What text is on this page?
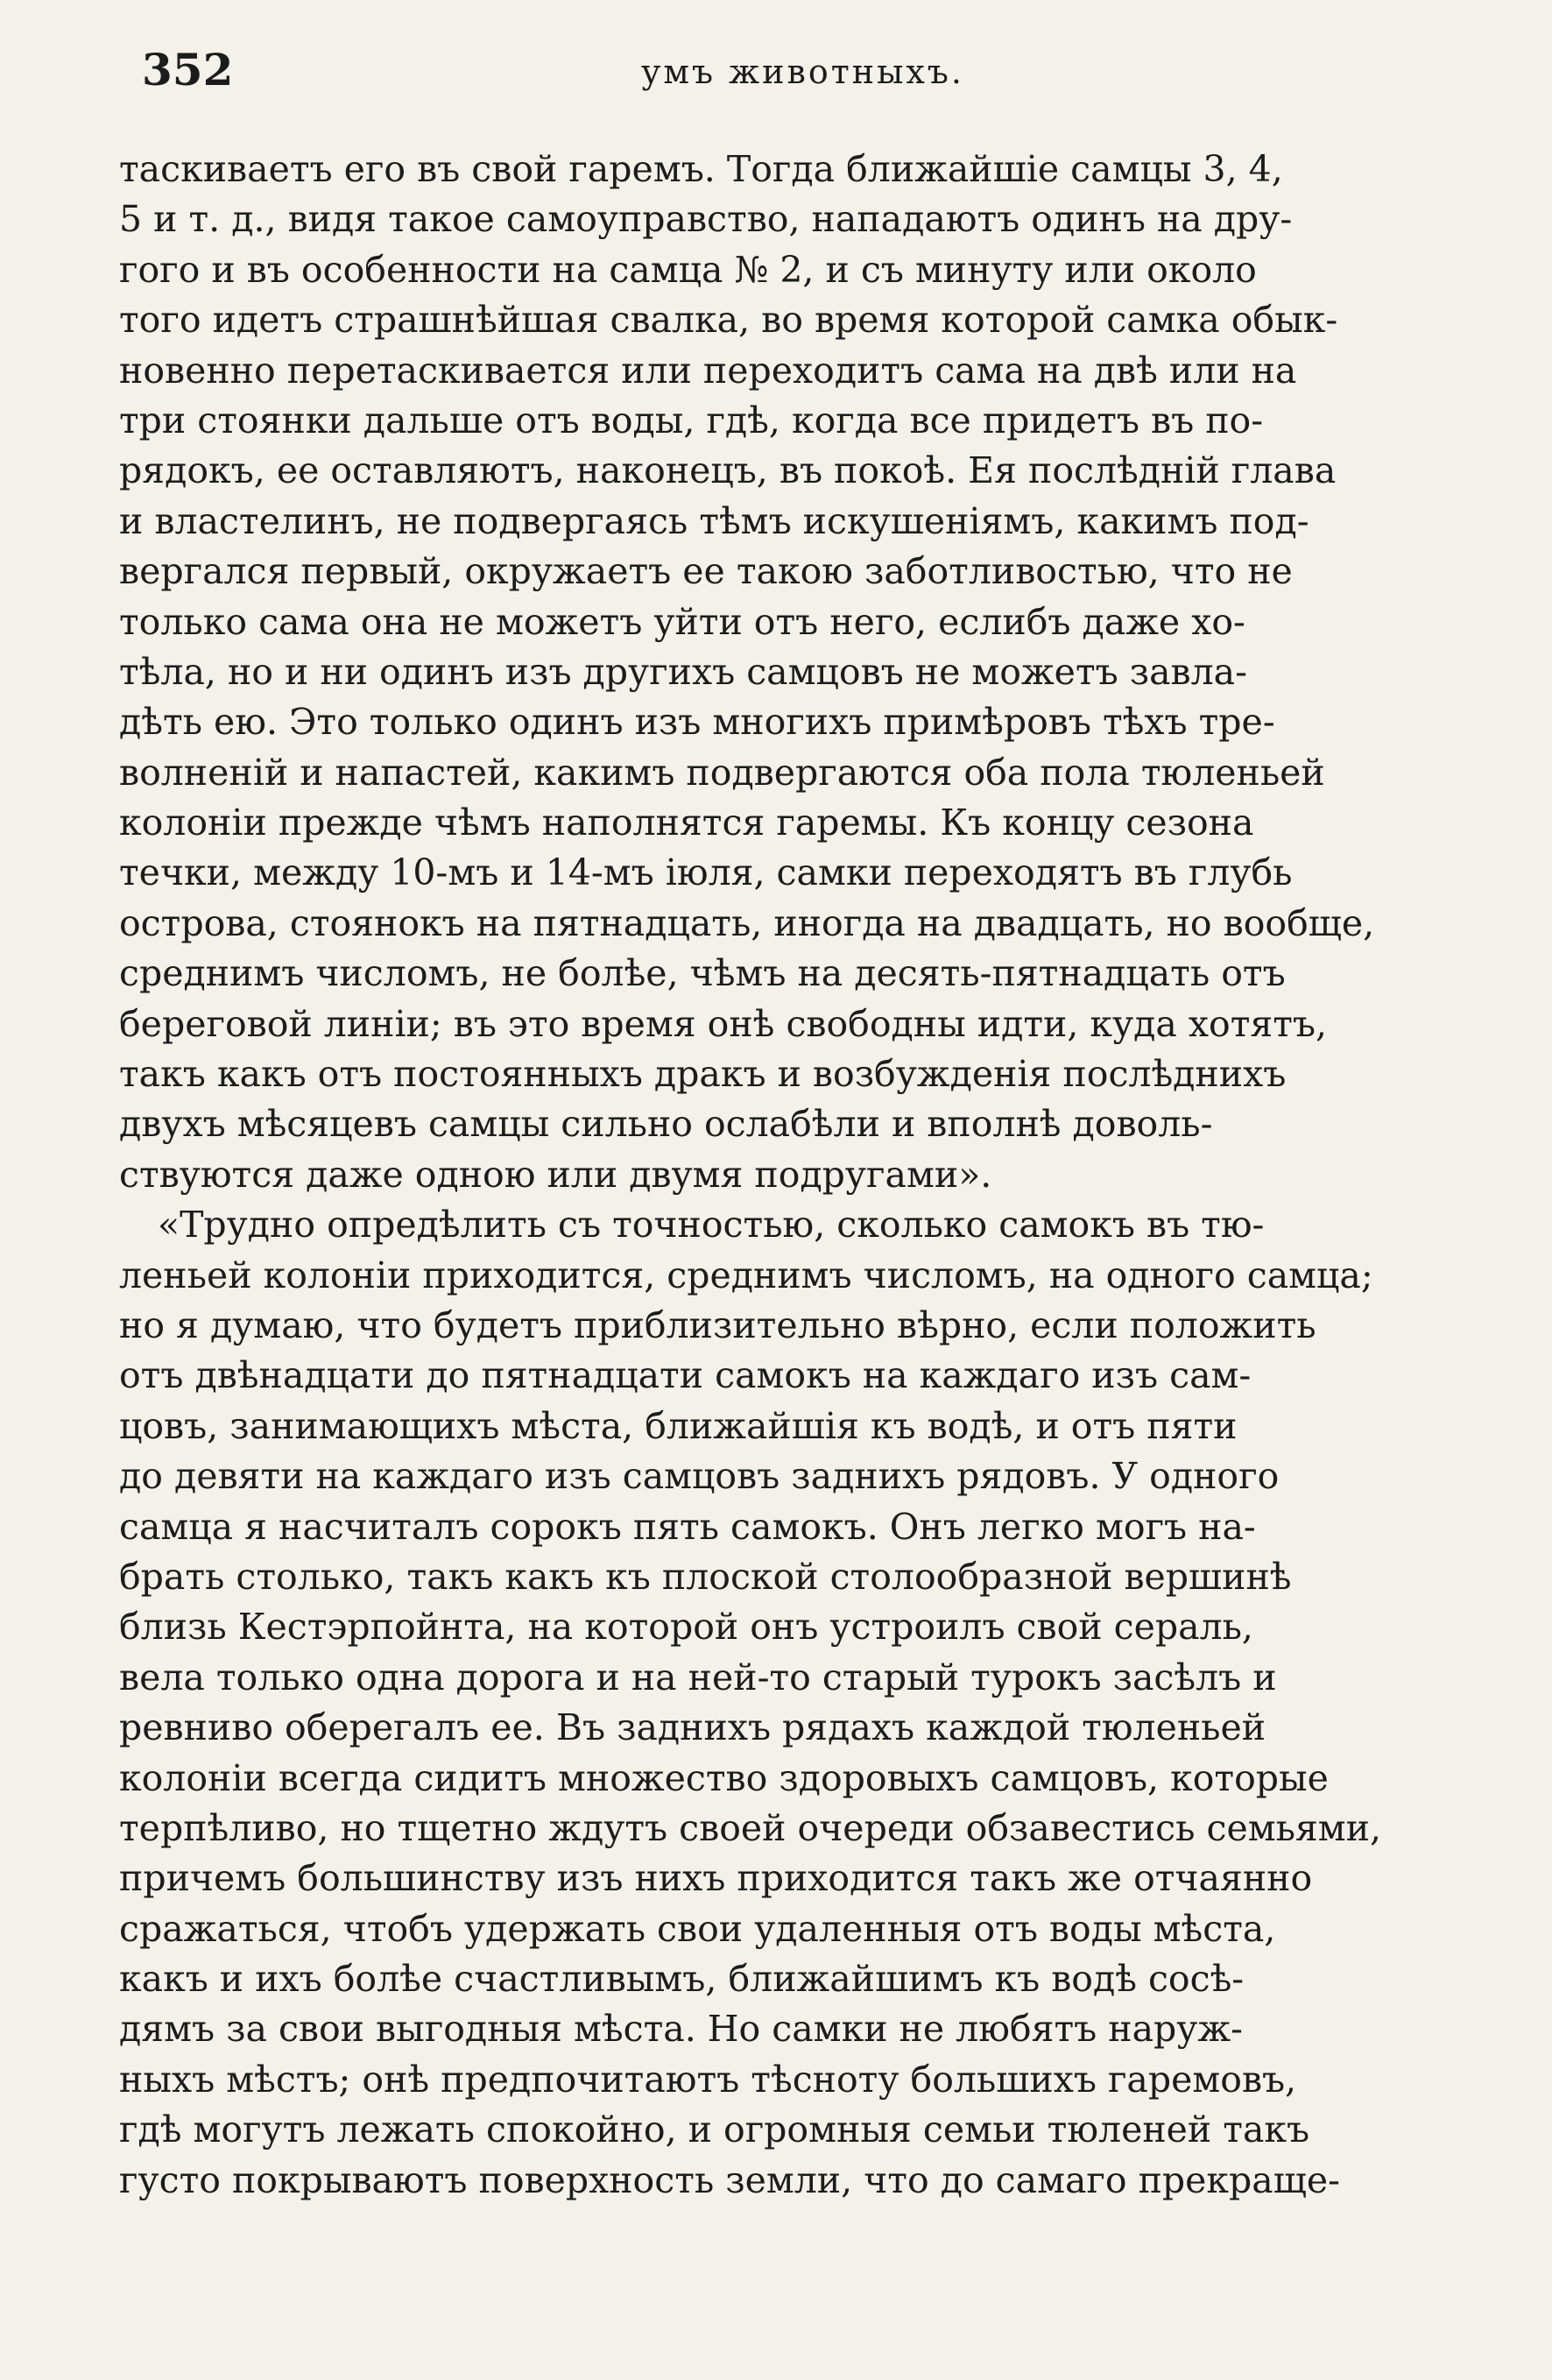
352	умъ животныхъ.
таскиваетъ его въ свой гаремъ. Тогда ближайшіе самцы 3, 4,
5 и т. д., видя такое самоуправство, нападаютъ одинъ на дру-
гого и въ особенности на самца № 2, и съ минуту или около
того идетъ страшнѣйшая свалка, во время которой самка обык-
новенно перетаскивается или переходитъ сама на двѣ или на
три стоянки дальше отъ воды, гдѣ, когда все придетъ въ по-
рядокъ, ее оставляютъ, наконецъ, въ покоѣ. Ея послѣдній глава
и властелинъ, не подвергаясь тѣмъ искушеніямъ, какимъ под-
вергался первый, окружаетъ ее такою заботливостью, что не
только сама она не можетъ уйти отъ него, еслибъ даже хо-
тѣла, но и ни одинъ изъ другихъ самцовъ не можетъ завла-
дѣть ею. Это только одинъ изъ многихъ примѣровъ тѣхъ тре-
волненій и напастей, какимъ подвергаются оба пола тюленьей
колоніи прежде чѣмъ наполнятся гаремы. Къ концу сезона
течки, между 10-мъ и 14-мъ іюля, самки переходятъ въ глубь
острова, стоянокъ на пятнадцать, иногда на двадцать, но вообще,
среднимъ числомъ, не болѣе, чѣмъ на десять-пятнадцать отъ
береговой линіи; въ это время онѣ свободны идти, куда хотятъ,
такъ какъ отъ постоянныхъ дракъ и возбужденія послѣднихъ
двухъ мѣсяцевъ самцы сильно ослабѣли и вполнѣ доволь-
ствуются даже одною или двумя подругами».
«Трудно опредѣлить съ точностью, сколько самокъ въ тю-
леньей колоніи приходится, среднимъ числомъ, на одного самца;
но я думаю, что будетъ приблизительно вѣрно, если положить
отъ двѣнадцати до пятнадцати самокъ на каждаго изъ сам-
цовъ, занимающихъ мѣста, ближайшія къ водѣ, и отъ пяти
до девяти на каждаго изъ самцовъ заднихъ рядовъ. У одного
самца я насчиталъ сорокъ пять самокъ. Онъ легко могъ на-
брать столько, такъ какъ къ плоской столообразной вершинѣ
близь Кестэрпойнта, на которой онъ устроилъ свой сераль,
вела только одна дорога и на ней-то старый турокъ засѣлъ и
ревниво оберегалъ ее. Въ заднихъ рядахъ каждой тюленьей
колоніи всегда сидитъ множество здоровыхъ самцовъ, которые
терпѣливо, но тщетно ждутъ своей очереди обзавестись семьями,
причемъ большинству изъ нихъ приходится такъ же отчаянно
сражаться, чтобъ удержать свои удаленныя отъ воды мѣста,
какъ и ихъ болѣе счастливымъ, ближайшимъ къ водѣ сосѣ-
дямъ за свои выгодныя мѣста. Но самки не любятъ наруж-
ныхъ мѣстъ; онѣ предпочитаютъ тѣсноту большихъ гаремовъ,
гдѣ могутъ лежать спокойно, и огромныя семьи тюленей такъ
густо покрываютъ поверхность земли, что до самаго прекраще-
